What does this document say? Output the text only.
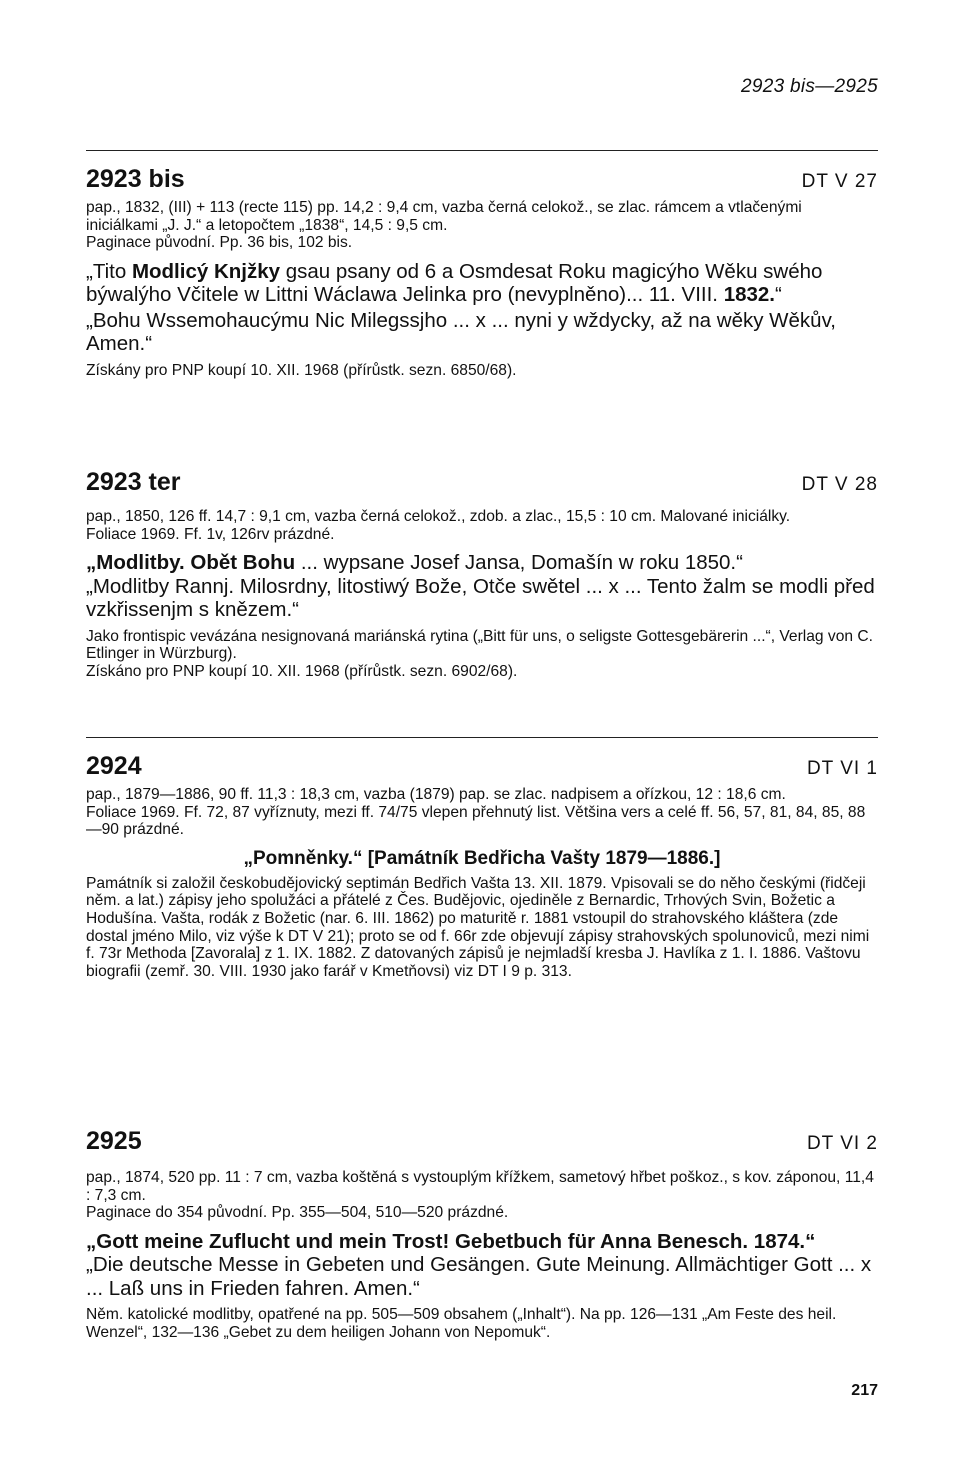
2923 bis—2925
2923 bis	DT V 27

pap., 1832, (III) + 113 (recte 115) pp. 14,2 : 9,4 cm, vazba černá celokož., se zlac. rámcem a vtlačenými iniciálkami „J. J.“ a letopočtem „1838“, 14,5 : 9,5 cm.

Paginace původní. Pp. 36 bis, 102 bis.

„Tito Modlicý Knjžky gsau psany od 6 a Osmdesat Roku magicýho Wěku swého býwalýho Včitele w Littni Wáclawa Jelinka pro (nevyplněno)... 11. VIII. 1832.“

„Bohu Wssemohaucýmu Nic Milegssjho ... x ... nyni y wždycky, až na wěky Wěkův, Amen.“

Získány pro PNP koupí 10. XII. 1968 (přírůstk. sezn. 6850/68).

2923 ter	DT V 28

pap., 1850, 126 ff. 14,7 : 9,1 cm, vazba černá celokož., zdob. a zlac., 15,5 : 10 cm. Malované iniciálky.

Foliace 1969. Ff. 1v, 126rv prázdné.

„Modlitby. Obět Bohu ... wypsane Josef Jansa, Domašín w roku 1850.“

„Modlitby Rannj. Milosrdny, litostiwý Bože, Otče swětel ... x ... Tento žalm se modli před vzkřissenjm s knězem.“

Jako frontispic vevázána nesignovaná mariánská rytina („Bitt für uns, o seligste Gottesgebärerin ...“, Verlag von C. Etlinger in Würzburg).

Získáno pro PNP koupí 10. XII. 1968 (přírůstk. sezn. 6902/68).

2924	DT VI 1

pap., 1879—1886, 90 ff. 11,3 : 18,3 cm, vazba (1879) pap. se zlac. nadpisem a ořízkou, 12 : 18,6 cm.

Foliace 1969. Ff. 72, 87 vyříznuty, mezi ff. 74/75 vlepen přehnutý list. Většina vers a celé ff. 56, 57, 81, 84, 85, 88—90 prázdné.

„Pomněnky.“ [Památník Bedřicha Vašty 1879—1886.]

Památník si založil českobudějovický septimán Bedřich Vašta 13. XII. 1879. Vpisovali se do něho českými (řidčeji něm. a lat.) zápisy jeho spolužáci a přátelé z Čes. Budějovic, ojediněle z Bernardic, Trhových Svin, Božetic a Hodušína. Vašta, rodák z Božetic (nar. 6. III. 1862) po maturitě r. 1881 vstoupil do strahovského kláštera (zde dostal jméno Milo, viz výše k DT V 21); proto se od f. 66r zde objevují zápisy strahovských spolunoviců, mezi nimi f. 73r Methoda [Zavorala] z 1. IX. 1882. Z datovaných zápisů je nejmladší kresba J. Havlíka z 1. I. 1886. Vaštovu biografii (zemř. 30. VIII. 1930 jako farář v Kmetňovsi) viz DT I 9 p. 313.

2925	DT VI 2

pap., 1874, 520 pp. 11 : 7 cm, vazba koštěná s vystouplým křížkem, sametový hřbet poškoz., s kov. záponou, 11,4 : 7,3 cm.

Paginace do 354 původní. Pp. 355—504, 510—520 prázdné.

„Gott meine Zuflucht und mein Trost! Gebetbuch für Anna Benesch. 1874.“

„Die deutsche Messe in Gebeten und Gesängen. Gute Meinung. Allmächtiger Gott ... x ... Laß uns in Frieden fahren. Amen.“

Něm. katolické modlitby, opatřené na pp. 505—509 obsahem („Inhalt“). Na pp. 126—131 „Am Feste des heil. Wenzel“, 132—136 „Gebet zu dem heiligen Johann von Nepomuk“.

217
